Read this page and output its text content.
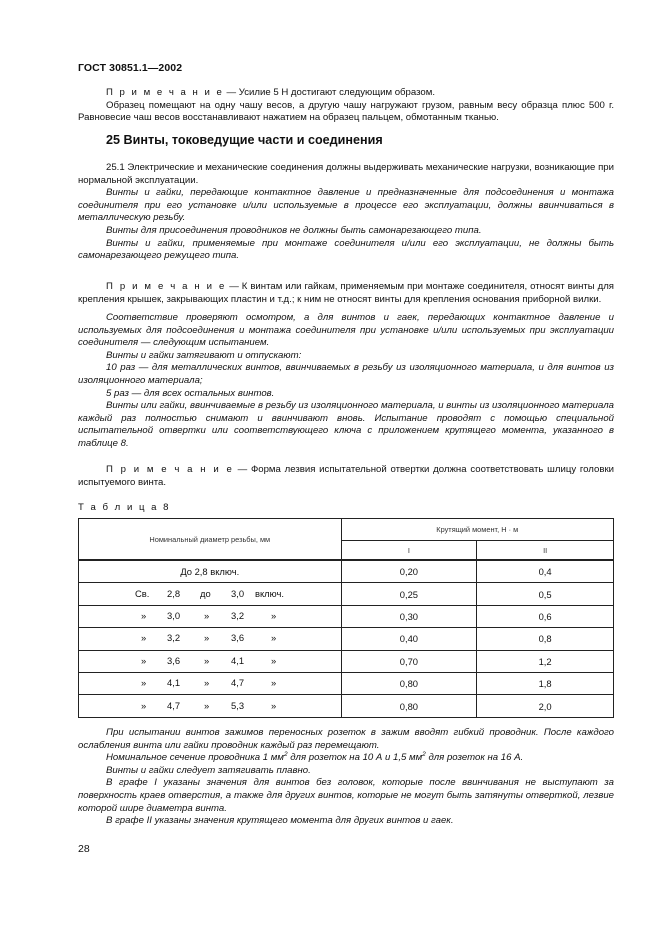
ГОСТ 30851.1—2002

П р и м е ч а н и е — Усилие 5 Н достигают следующим образом.

Образец помещают на одну чашу весов, а другую чашу нагружают грузом, равным весу образца плюс 500 г. Равновесие чаш весов восстанавливают нажатием на образец пальцем, обмотанным тканью.

25 Винты, токоведущие части и соединения

25.1 Электрические и механические соединения должны выдерживать механические нагрузки, возникающие при нормальной эксплуатации.

Винты и гайки, передающие контактное давление и предназначенные для подсоединения и монтажа соединителя при его установке и/или используемые в процессе его эксплуатации, должны ввинчиваться в металлическую резьбу.

Винты для присоединения проводников не должны быть самонарезающего типа.

Винты и гайки, применяемые при монтаже соединителя и/или его эксплуатации, не должны быть самонарезающего режущего типа.

П р и м е ч а н и е — К винтам или гайкам, применяемым при монтаже соединителя, относят винты для крепления крышек, закрывающих пластин и т.д.; к ним не относят винты для крепления основания приборной вилки.

Соответствие проверяют осмотром, а для винтов и гаек, передающих контактное давление и используемых для подсоединения и монтажа соединителя при установке и/или используемых при эксплуатации соединителя — следующим испытанием.

Винты и гайки затягивают и отпускают:

10 раз — для металлических винтов, ввинчиваемых в резьбу из изоляционного материала, и для винтов из изоляционного материала;

5 раз — для всех остальных винтов.

Винты или гайки, ввинчиваемые в резьбу из изоляционного материала, и винты из изоляционного материала каждый раз полностью снимают и ввинчивают вновь. Испытание проводят с помощью специальной испытательной отвертки или соответствующего ключа с приложением крутящего момента, указанного в таблице 8.

П р и м е ч а н и е — Форма лезвия испытательной отвертки должна соответствовать шлицу головки испытуемого винта.

Т а б л и ц а 8
Номинальный диаметр резьбы, мм	Крутящий момент, Н · м	
	I	II
До 2,8 включ.	0,20	0,4

Св. 2,8 до 3,0 включ.	0,25	0,5

» 3,0 » 3,2 »	0,30	0,6

» 3,2 » 3,6 »	0,40	0,8

» 3,6 » 4,1 »	0,70	1,2

» 4,1 » 4,7 »	0,80	1,8

» 4,7 » 5,3 »	0,80	2,0

При испытании винтов зажимов переносных розеток в зажим вводят гибкий проводник. После каждого ослабления винта или гайки проводник каждый раз перемещают.

Номинальное сечение проводника 1 $мм^2$ для розеток на 10 А и 1,5 $мм^2$ для розеток на 16 А.

Винты и гайки следует затягивать плавно.

В графе I указаны значения для винтов без головок, которые после ввинчивания не выступают за поверхность краев отверстия, а также для других винтов, которые не могут быть затянуты отверткой, лезвие которой шире диаметра винта.

В графе II указаны значения крутящего момента для других винтов и гаек.

28
